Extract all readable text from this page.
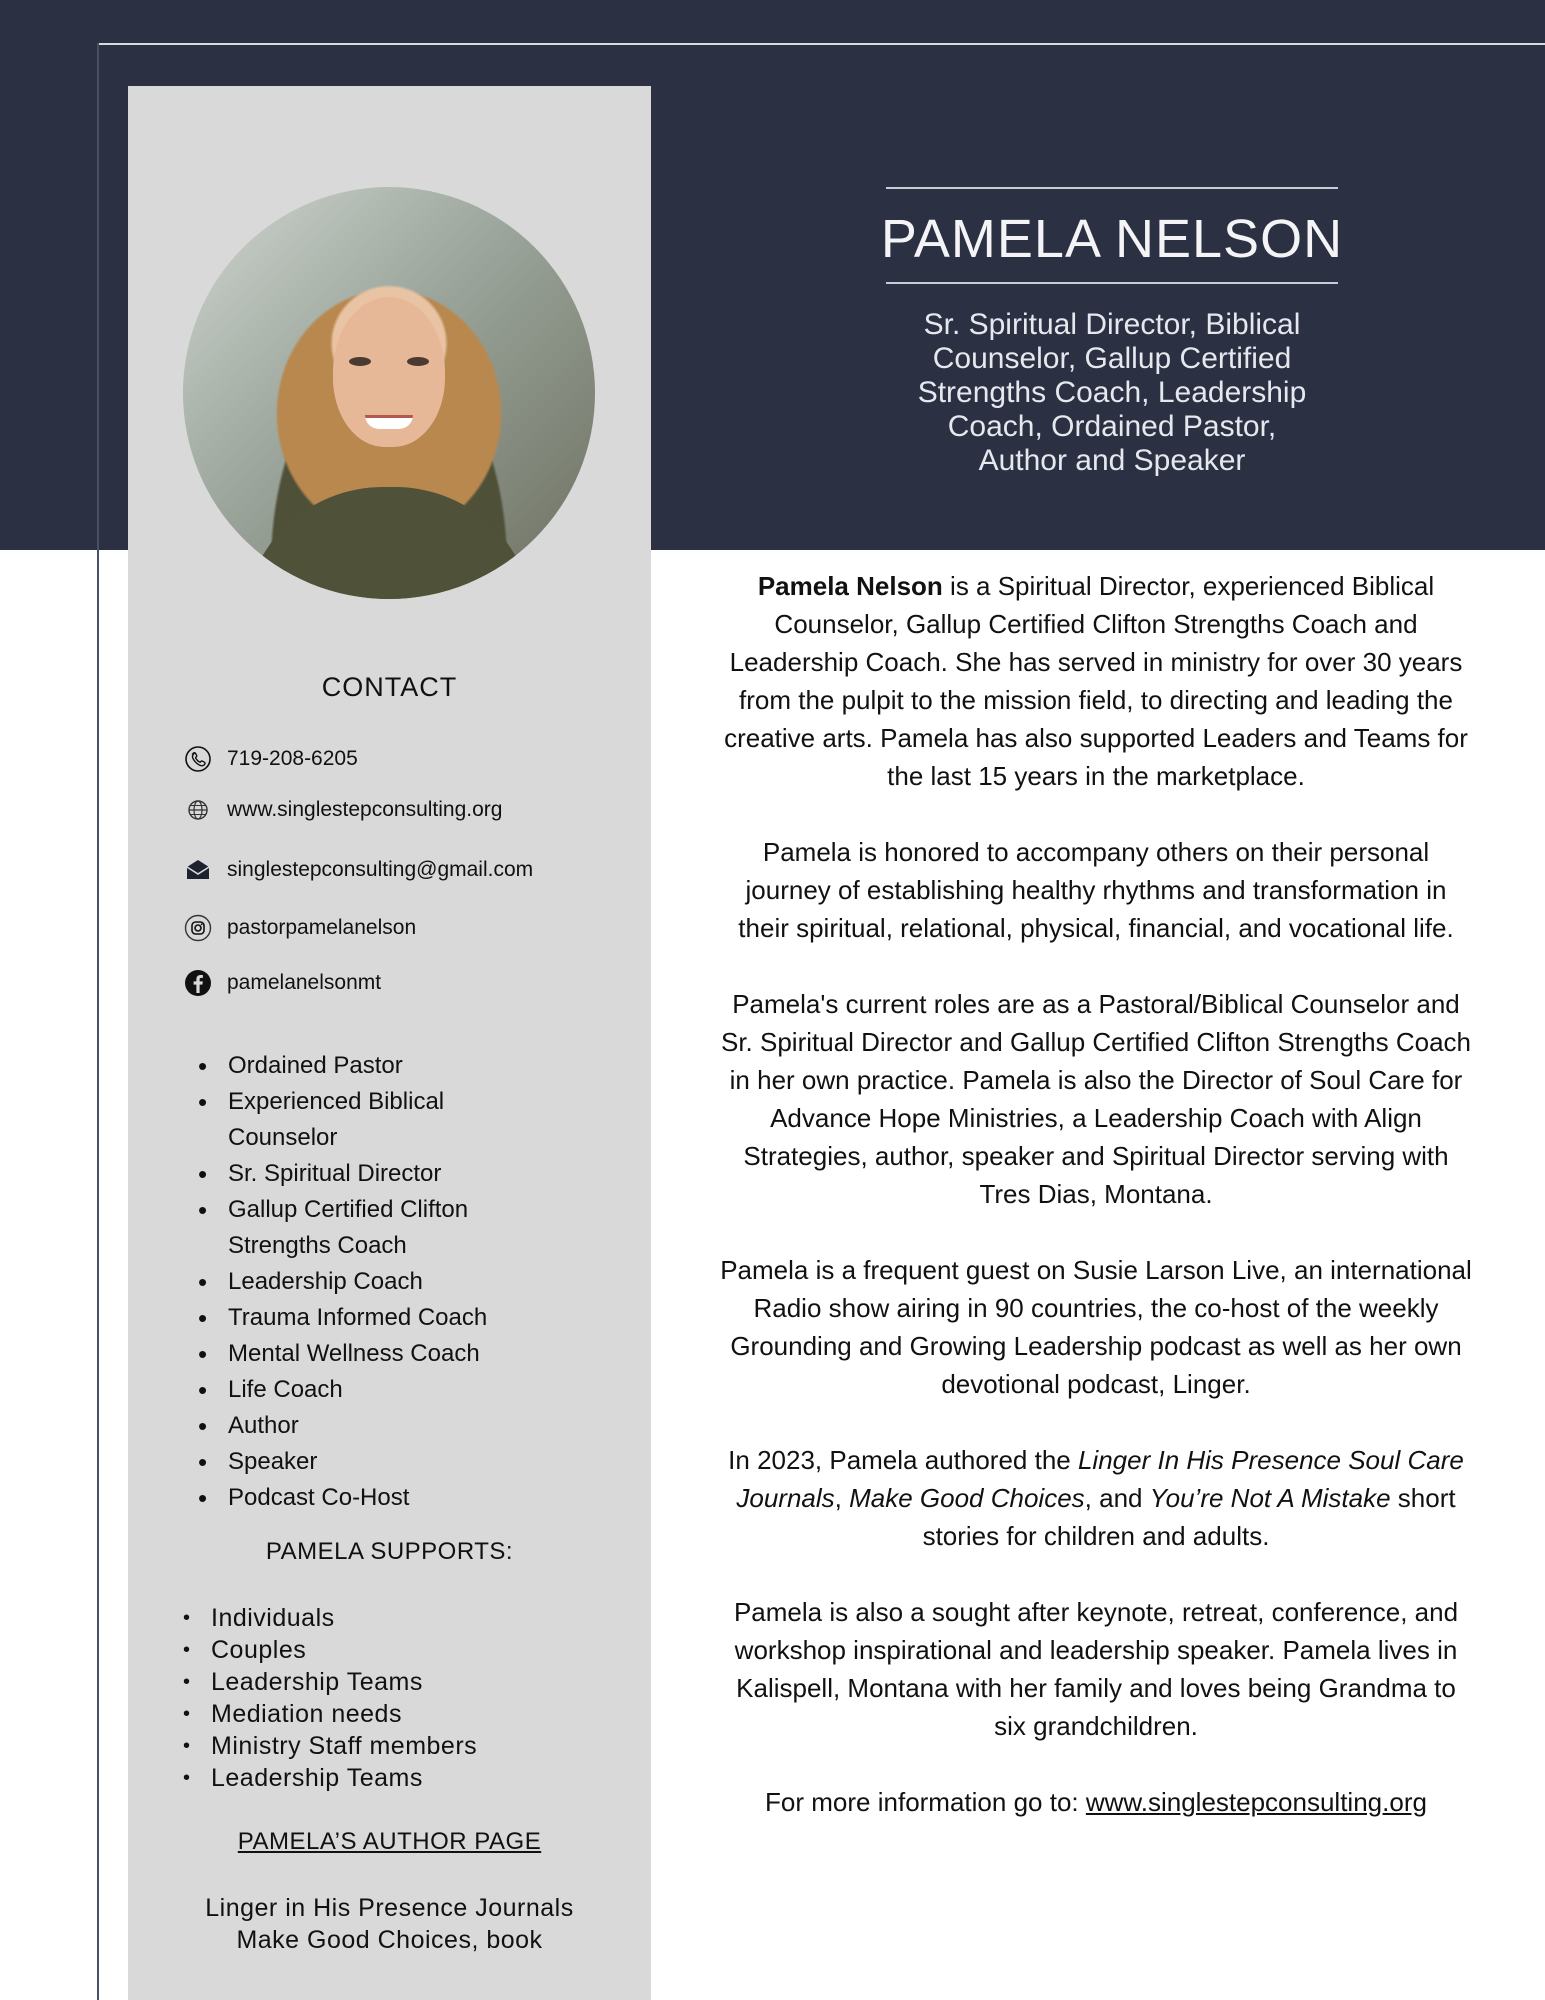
PAMELA NELSON
Sr. Spiritual Director, Biblical
Counselor, Gallup Certified
Strengths Coach, Leadership
Coach, Ordained Pastor,
Author and Speaker
CONTACT
719-208-6205
www.singlestepconsulting.org
singlestepconsulting@gmail.com
pastorpamelanelson
pamelanelsonmt
• Ordained Pastor
• Experienced Biblical Counselor
• Sr. Spiritual Director
• Gallup Certified Clifton Strengths Coach
• Leadership Coach
• Trauma Informed Coach
• Mental Wellness Coach
• Life Coach
• Author
• Speaker
• Podcast Co-Host
PAMELA SUPPORTS:
• Individuals
• Couples
• Leadership Teams
• Mediation needs
• Ministry Staff members
• Leadership Teams
PAMELA’S AUTHOR PAGE
Linger in His Presence Journals
Make Good Choices, book

Pamela Nelson is a Spiritual Director, experienced Biblical Counselor, Gallup Certified Clifton Strengths Coach and Leadership Coach. She has served in ministry for over 30 years from the pulpit to the mission field, to directing and leading the creative arts. Pamela has also supported Leaders and Teams for the last 15 years in the marketplace.

Pamela is honored to accompany others on their personal journey of establishing healthy rhythms and transformation in their spiritual, relational, physical, financial, and vocational life.

Pamela's current roles are as a Pastoral/Biblical Counselor and Sr. Spiritual Director and Gallup Certified Clifton Strengths Coach in her own practice. Pamela is also the Director of Soul Care for Advance Hope Ministries, a Leadership Coach with Align Strategies, author, speaker and Spiritual Director serving with Tres Dias, Montana.

Pamela is a frequent guest on Susie Larson Live, an international Radio show airing in 90 countries, the co-host of the weekly Grounding and Growing Leadership podcast as well as her own devotional podcast, Linger.

In 2023, Pamela authored the Linger In His Presence Soul Care Journals, Make Good Choices, and You’re Not A Mistake short stories for children and adults.

Pamela is also a sought after keynote, retreat, conference, and workshop inspirational and leadership speaker. Pamela lives in Kalispell, Montana with her family and loves being Grandma to six grandchildren.

For more information go to: www.singlestepconsulting.org
